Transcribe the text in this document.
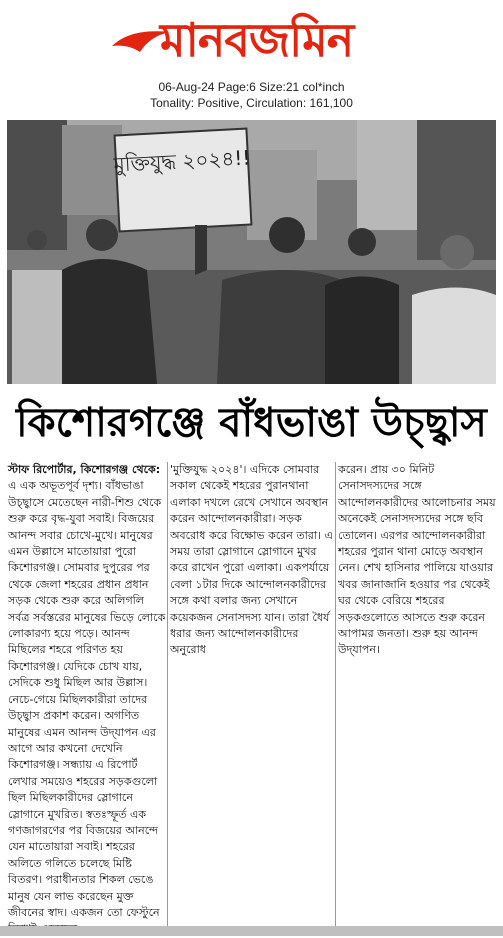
মানবজমিন
06-Aug-24 Page:6 Size:21 col*inch
Tonality: Positive, Circulation: 161,100
মুক্তিযুদ্ধ ২০২৪!!
কিশোরগঞ্জে বাঁধভাঙা উচ্ছ্বাস
স্টাফ রিপোর্টার, কিশোরগঞ্জ থেকে: এ এক অভূতপূর্ব দৃশ্য। বাঁধভাঙা উচ্ছ্বাসে মেতেছেন নারী-শিশু থেকে শুরু করে বৃদ্ধ-যুবা সবাই। বিজয়ের আনন্দ সবার চোখে-মুখে। মানুষের এমন উল্লাসে মাতোয়ারা পুরো কিশোরগঞ্জ। সোমবার দুপুরের পর থেকে জেলা শহরের প্রধান প্রধান সড়ক থেকে শুরু করে অলিগলি সর্বত্র সর্বস্তরের মানুষের ভিড়ে লোকে লোকারণ্য হয়ে পড়ে। আনন্দ মিছিলের শহরে পরিণত হয় কিশোরগঞ্জ। যেদিকে চোখ যায়, সেদিকে শুধু মিছিল আর উল্লাস। নেচে-গেয়ে মিছিলকারীরা তাদের উচ্ছ্বাস প্রকাশ করেন। অগণিত মানুষের এমন আনন্দ উদ্‌যাপন এর আগে আর কখনো দেখেনি কিশোরগঞ্জ। সন্ধ্যায় এ রিপোর্ট লেখার সময়েও শহরের সড়কগুলো ছিল মিছিলকারীদের স্লোগানে স্লোগানে মুখরিত। স্বতঃস্ফূর্ত এক গণজাগরণের পর বিজয়ের আনন্দে যেন মাতোয়ারা সবাই। শহরের অলিতে গলিতে চলেছে মিষ্টি বিতরণ। পরাধীনতার শিকল ভেঙে মানুষ যেন লাভ করেছেন মুক্ত জীবনের স্বাদ। একজন তো ফেস্টুনে
'মুক্তিযুদ্ধ ২০২৪'। এদিকে সোমবার সকাল থেকেই শহরের পুরানথানা এলাকা দখলে রেখে সেখানে অবস্থান করেন আন্দোলনকারীরা। সড়ক অবরোধ করে বিক্ষোভ করেন তারা। এ সময় তারা স্লোগানে স্লোগানে মুখর করে রাখেন পুরো এলাকা। একপর্যায়ে বেলা ১টার দিকে আন্দোলনকারীদের সঙ্গে কথা বলার জন্য সেখানে কয়েকজন সেনাসদস্য যান। তারা ধৈর্য ধরার জন্য আন্দোলনকারীদের অনুরোধ
করেন। প্রায় ৩০ মিনিট সেনাসদস্যদের সঙ্গে আন্দোলনকারীদের আলোচনার সময় অনেকেই সেনাসদস্যদের সঙ্গে ছবি তোলেন। এরপর আন্দোলনকারীরা শহরের পুরান থানা মোড়ে অবস্থান নেন। শেখ হাসিনার পালিয়ে যাওয়ার খবর জানাজানি হওয়ার পর থেকেই ঘর থেকে বেরিয়ে শহরের সড়কগুলোতে আসতে শুরু করেন আপামর জনতা। শুরু হয় আনন্দ উদ্‌যাপন।
